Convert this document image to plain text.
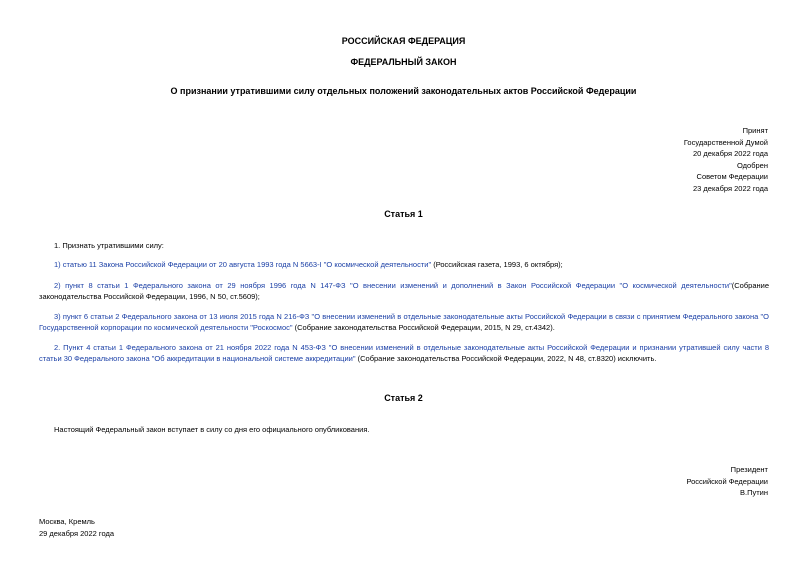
РОССИЙСКАЯ ФЕДЕРАЦИЯ
ФЕДЕРАЛЬНЫЙ ЗАКОН
О признании утратившими силу отдельных положений законодательных актов Российской Федерации
Принят
Государственной Думой
20 декабря 2022 года
Одобрен
Советом Федерации
23 декабря 2022 года
Статья 1
1. Признать утратившими силу:
1) статью 11 Закона Российской Федерации от 20 августа 1993 года N 5663-I "О космической деятельности" (Российская газета, 1993, 6 октября);
2) пункт 8 статьи 1 Федерального закона от 29 ноября 1996 года N 147-ФЗ "О внесении изменений и дополнений в Закон Российской Федерации "О космической деятельности"(Собрание законодательства Российской Федерации, 1996, N 50, ст.5609);
3) пункт 6 статьи 2 Федерального закона от 13 июля 2015 года N 216-ФЗ "О внесении изменений в отдельные законодательные акты Российской Федерации в связи с принятием Федерального закона "О Государственной корпорации по космической деятельности "Роскосмос" (Собрание законодательства Российской Федерации, 2015, N 29, ст.4342).
2. Пункт 4 статьи 1 Федерального закона от 21 ноября 2022 года N 453-ФЗ "О внесении изменений в отдельные законодательные акты Российской Федерации и признании утратившей силу части 8 статьи 30 Федерального закона "Об аккредитации в национальной системе аккредитации" (Собрание законодательства Российской Федерации, 2022, N 48, ст.8320) исключить.
Статья 2
Настоящий Федеральный закон вступает в силу со дня его официального опубликования.
Президент
Российской Федерации
В.Путин
Москва, Кремль
29 декабря 2022 года
